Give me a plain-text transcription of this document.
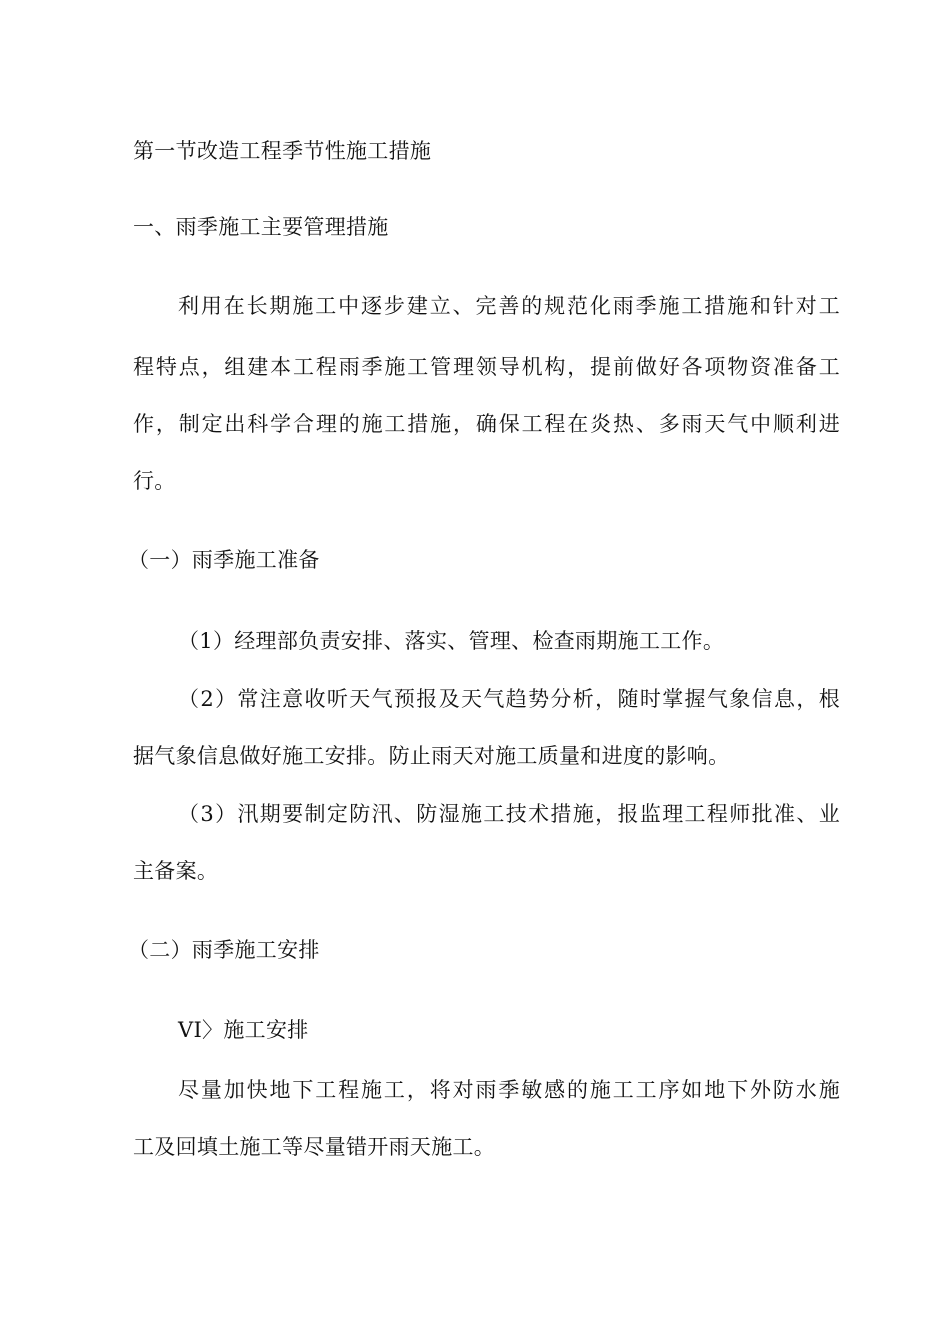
第一节改造工程季节性施工措施
一、雨季施工主要管理措施
利用在长期施工中逐步建立、完善的规范化雨季施工措施和针对工
程特点，组建本工程雨季施工管理领导机构，提前做好各项物资准备工
作，制定出科学合理的施工措施，确保工程在炎热、多雨天气中顺利进
行。
（一）雨季施工准备
（1）经理部负责安排、落实、管理、检查雨期施工工作。
（2）常注意收听天气预报及天气趋势分析，随时掌握气象信息，根
据气象信息做好施工安排。防止雨天对施工质量和进度的影响。
（3）汛期要制定防汛、防湿施工技术措施，报监理工程师批准、业
主备案。
（二）雨季施工安排
VI〉施工安排
尽量加快地下工程施工，将对雨季敏感的施工工序如地下外防水施
工及回填土施工等尽量错开雨天施工。
